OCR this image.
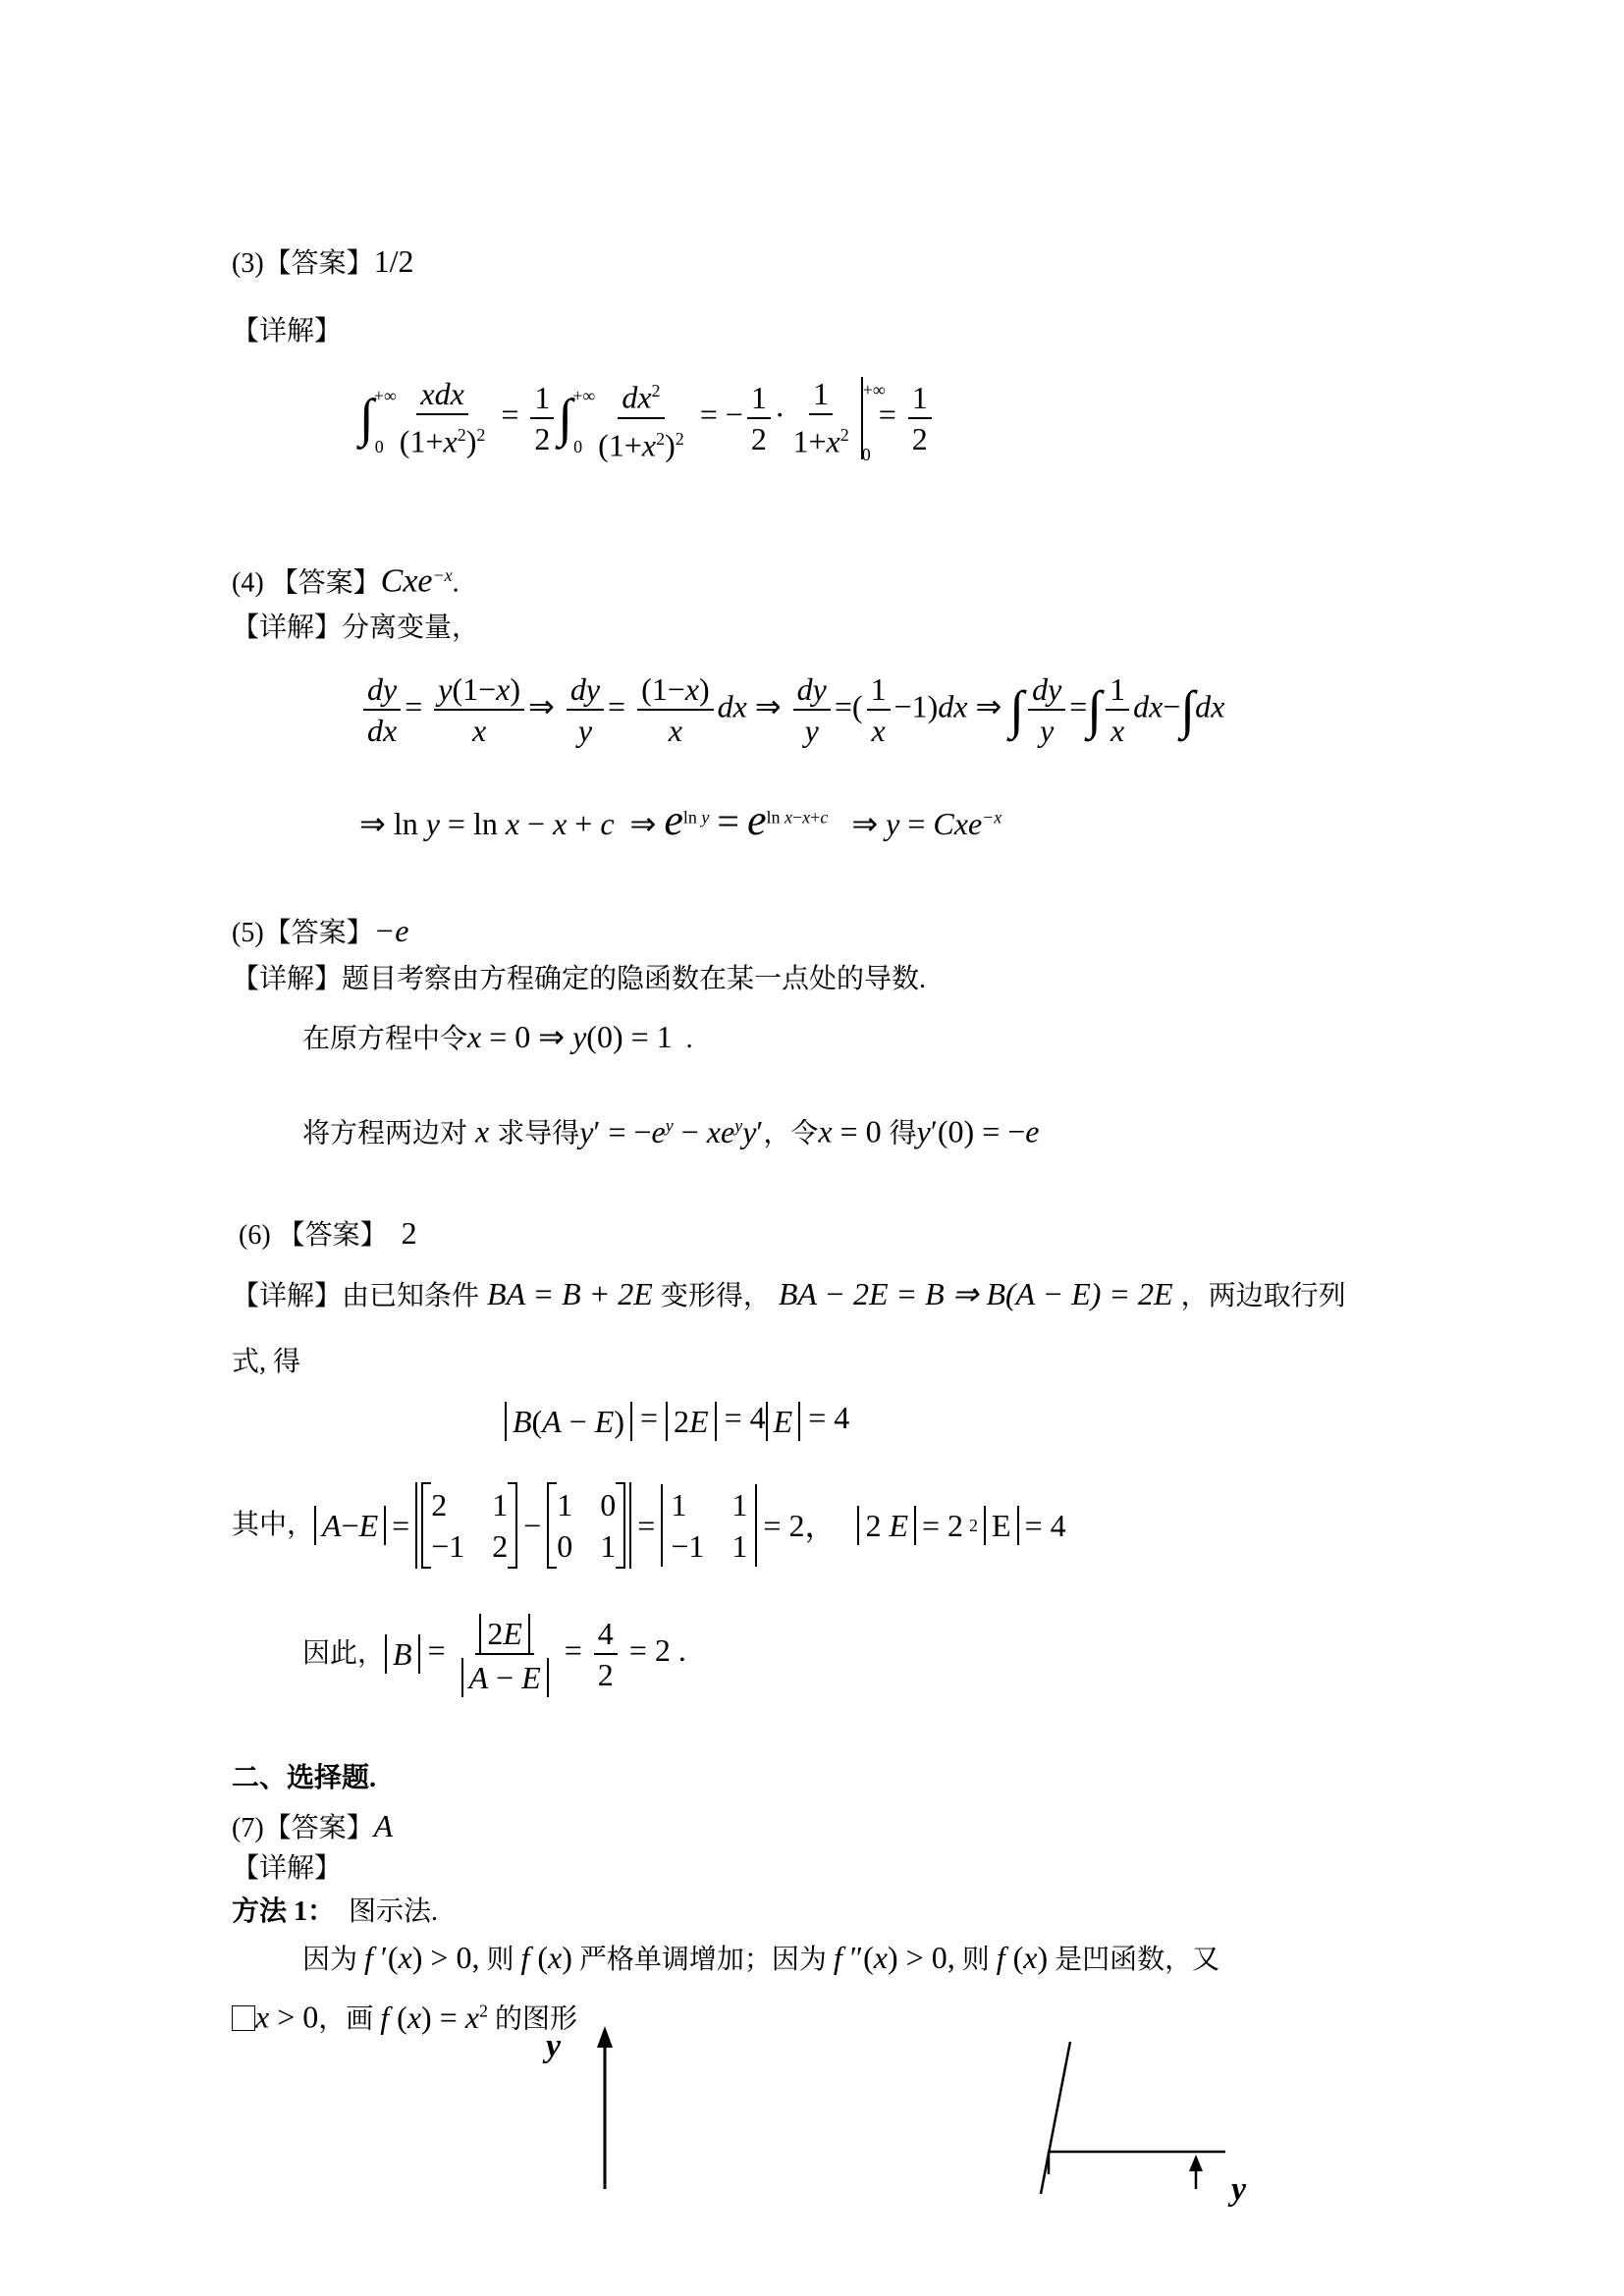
(3)【答案】1/2
【详解】
$\int^{+\infty}_0 \frac{\text{xdx}}{(1+x^2)^2} = \frac{1}{2} \int^{+\infty}_0 \frac{dx^2}{(1+x^2)^2}$ = − $\frac{1}{2} \cdot \frac{1}{1+x^2} ^{+\infty}_0 = \frac{1}{2}$
(4) 【答案】Cxe$^{-x}$.
【详解】分离变量，
$\frac{dy}{dx} = \frac{y(1-x)}{x}$ ⇒ $\frac{dy}{y} = \frac{(1-x)}{x}$ dx ⇒ $\frac{dy}{y}$ =( $\frac{1}{x} -1)dx$ ⇒ ∫ $\frac{dy}{y}$ =∫ $\frac{1}{x} dx-\int dx$
⇒ ln y = ln x − x + c  ⇒ $e^{ln y} = e^{ln x-x+c}$   ⇒ y = Cxe$^{-x}$
(5)【答案】−e
【详解】题目考察由方程确定的隐函数在某一点处的导数.
在原方程中令x = 0 ⇒ y(0) = 1  .
将方程两边对 x 求导得$y' = -e^y - xe^yy'$，令x = 0 得y′(0) = −e
(6) 【答案】 2
【详解】由已知条件 BA = B + 2E 变形得， BA − 2E = B ⇒ B(A − E) = 2E ，两边取行列
式, 得
B(A − E) = 2E = 4 E = 4
其中， A−E =
2 1
−1 2
−
1 0
0 1
=
1 1
−1 1
= 2， 2 E = 2 2 E = 4
因此， $B = \frac{2E}{A - E} = \frac{4}{2} = 2$ .
二、选择题.
(7)【答案】A
【详解】
方法 1： 图示法.
因为 f ′(x) > 0, 则 f (x) 严格单调增加；因为 f ″(x) > 0, 则 f (x) 是凹函数，又
x > 0，画 f $(x) = x^2$ 的图形
y
y
